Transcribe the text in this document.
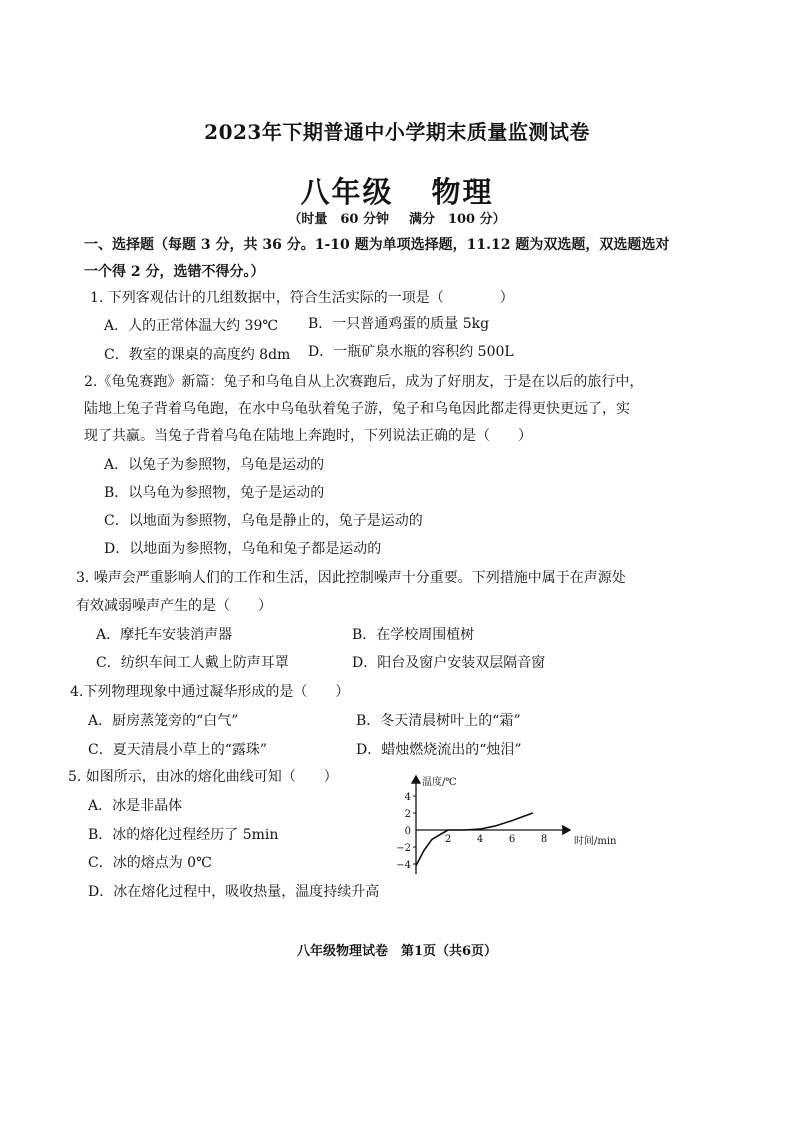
2023年下期普通中小学期末质量监测试卷
八年级 物理
（时量　60 分钟 满分　100 分）
一、选择题（每题 3 分，共 36 分。1-10 题为单项选择题，11.12 题为双选题，双选题选对
一个得 2 分，选错不得分。）
1. 下列客观估计的几组数据中，符合生活实际的一项是（　　　　）
A．人的正常体温大约 39℃ B．一只普通鸡蛋的质量 5kg
C．教室的课桌的高度约 8dm D．一瓶矿泉水瓶的容积约 500L
2.《龟兔赛跑》新篇：兔子和乌龟自从上次赛跑后，成为了好朋友，于是在以后的旅行中，
陆地上兔子背着乌龟跑，在水中乌龟驮着兔子游，兔子和乌龟因此都走得更快更远了，实
现了共赢。当兔子背着乌龟在陆地上奔跑时，下列说法正确的是（　　）
A．以兔子为参照物，乌龟是运动的
B．以乌龟为参照物，兔子是运动的
C．以地面为参照物，乌龟是静止的，兔子是运动的
D．以地面为参照物，乌龟和兔子都是运动的
3. 噪声会严重影响人们的工作和生活，因此控制噪声十分重要。下列措施中属于在声源处
有效减弱噪声产生的是（　　）
A．摩托车安装消声器	B．在学校周围植树
C．纺织车间工人戴上防声耳罩	D．阳台及窗户安装双层隔音窗
4.下列物理现象中通过凝华形成的是（　　）
A．厨房蒸笼旁的“白气”	B．冬天清晨树叶上的“霜”
C．夏天清晨小草上的“露珠”	D．蜡烛燃烧流出的“烛泪”
5. 如图所示，由冰的熔化曲线可知（　　）
A．冰是非晶体
B．冰的熔化过程经历了 5min
C．冰的熔点为 0℃
D．冰在熔化过程中，吸收热量，温度持续升高
温度/℃
时间/min
2	4	6	8
4
2
0
−2
−4
八年级物理试卷　第1页（共6页）
